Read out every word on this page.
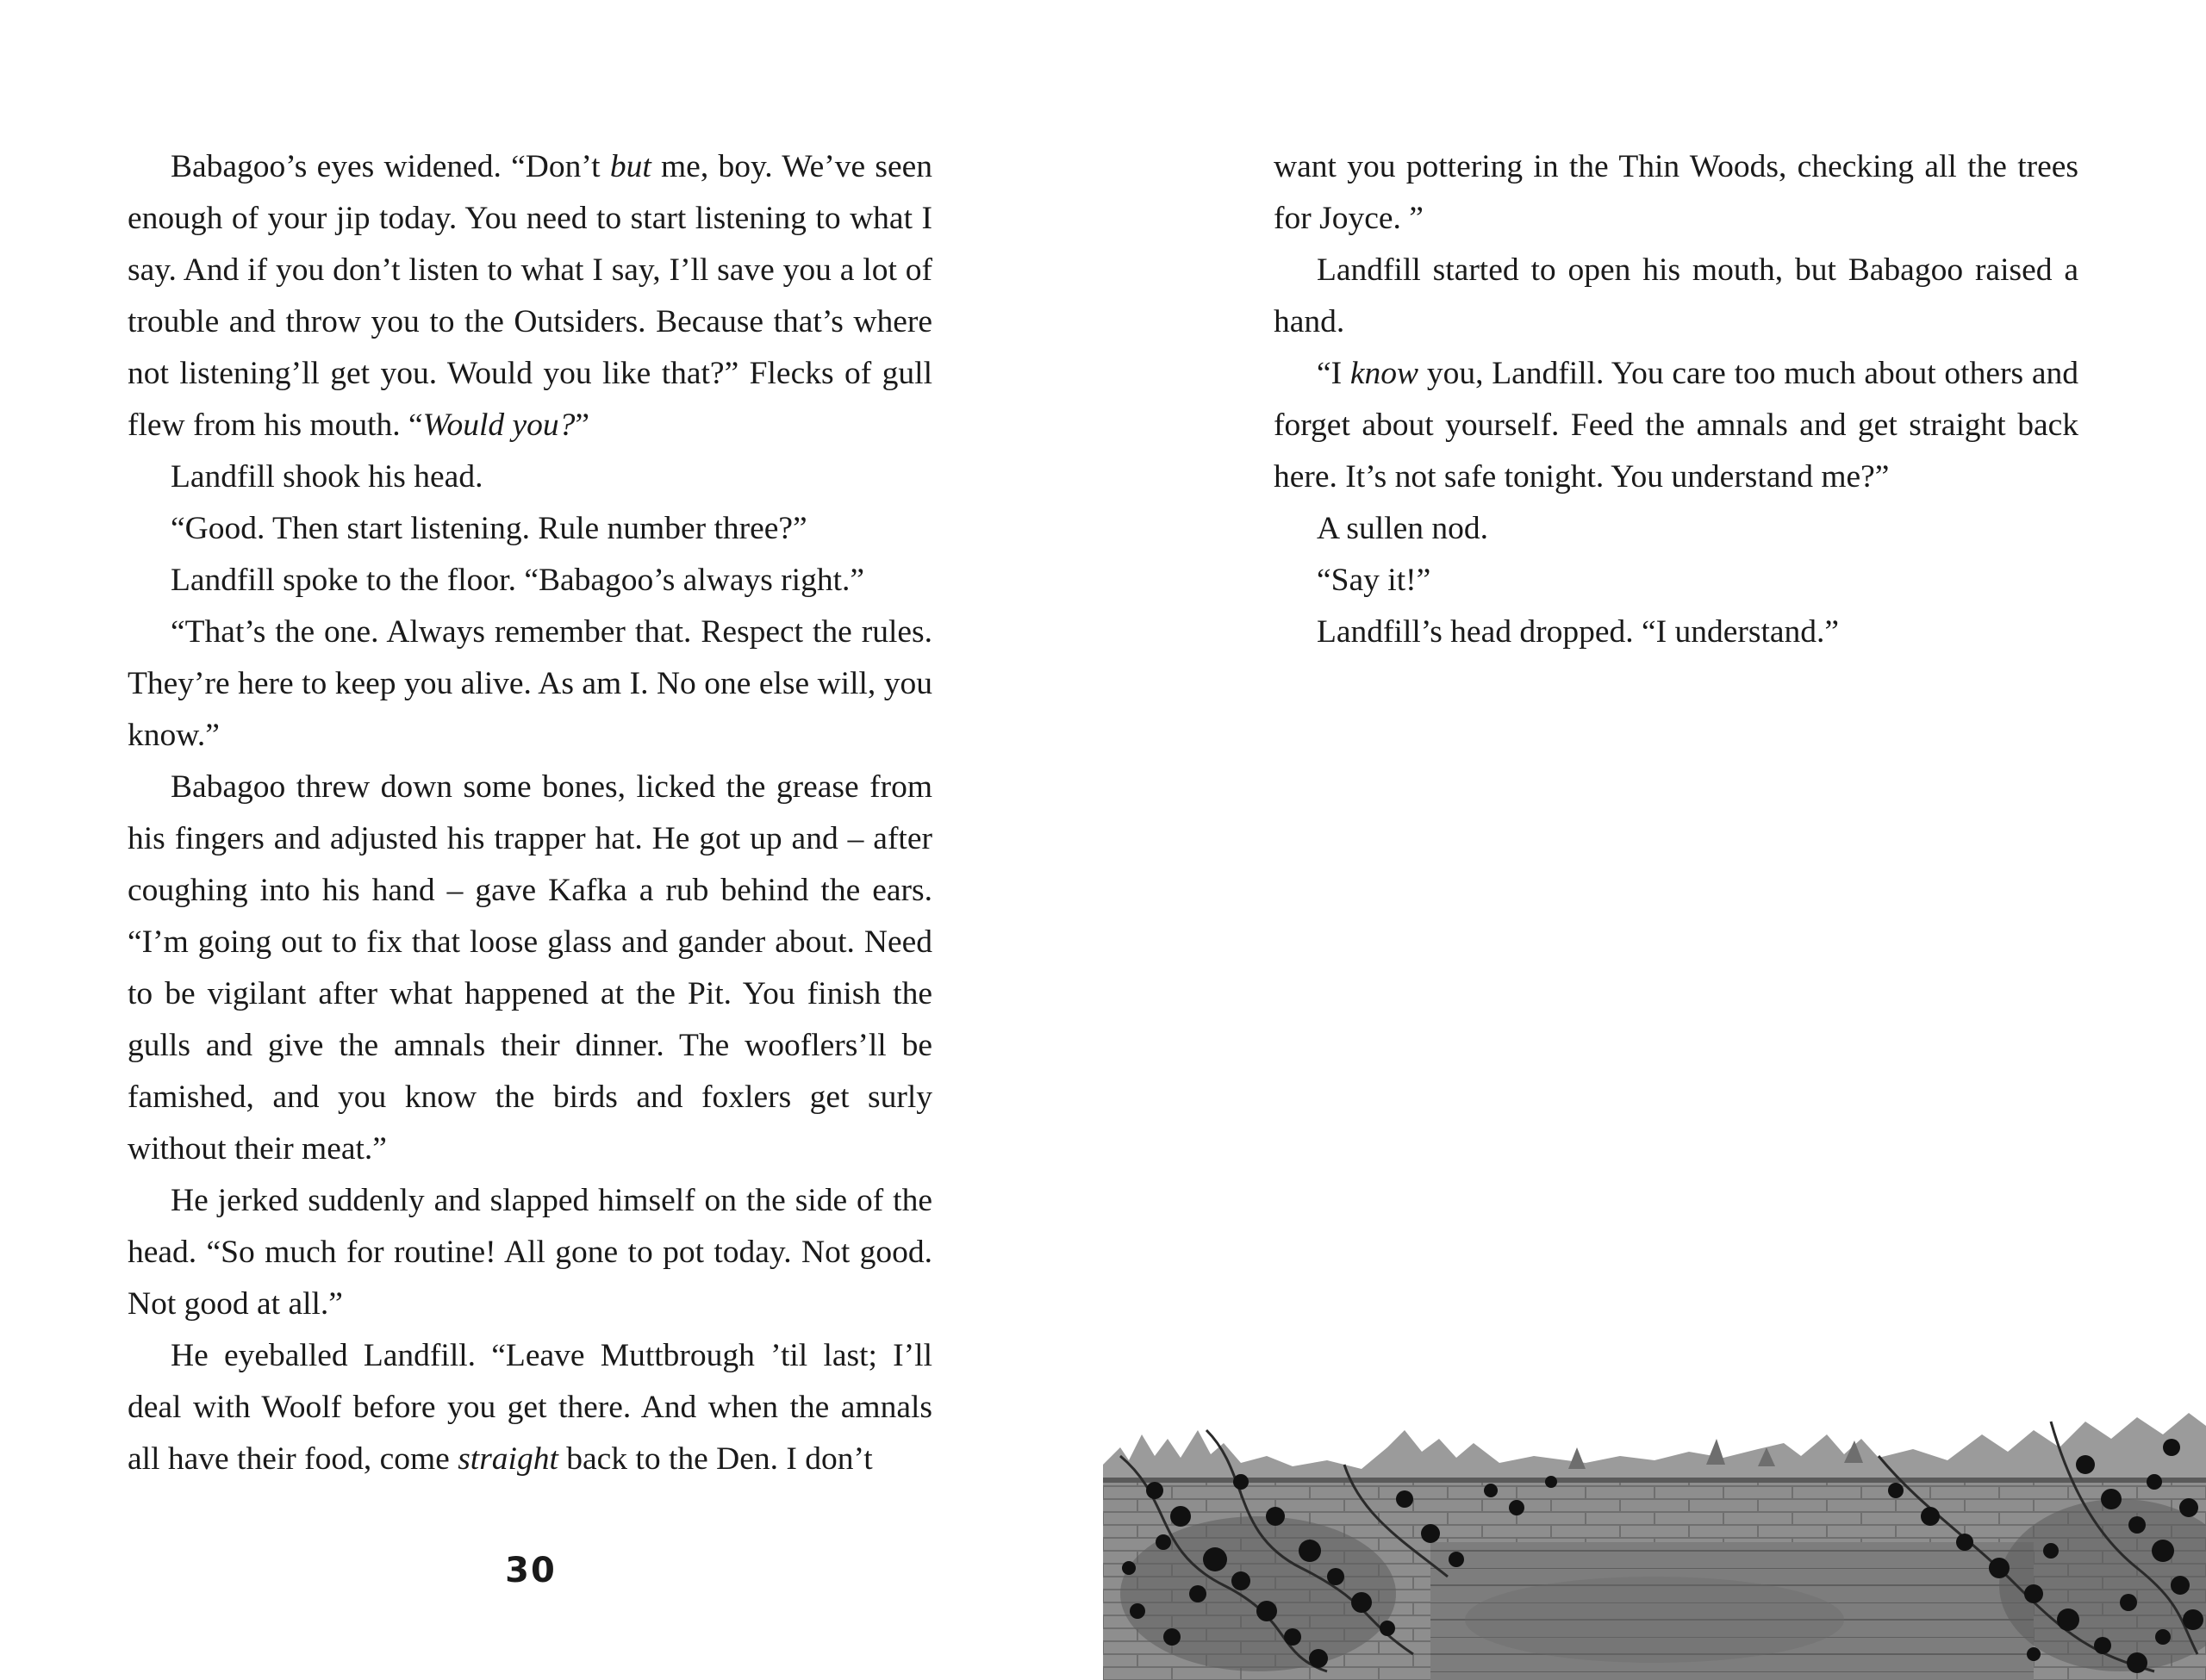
Babagoo’s eyes widened. “Don’t but me, boy. We’ve seen enough of your jip today. You need to start listening to what I say. And if you don’t listen to what I say, I’ll save you a lot of trouble and throw you to the Outsiders. Because that’s where not listening’ll get you. Would you like that?” Flecks of gull flew from his mouth. “Would you?”

Landfill shook his head.

“Good. Then start listening. Rule number three?”

Landfill spoke to the floor. “Babagoo’s always right.”

“That’s the one. Always remember that. Respect the rules. They’re here to keep you alive. As am I. No one else will, you know.”

Babagoo threw down some bones, licked the grease from his fingers and adjusted his trapper hat. He got up and – after coughing into his hand – gave Kafka a rub behind the ears. “I’m going out to fix that loose glass and gander about. Need to be vigilant after what happened at the Pit. You finish the gulls and give the amnals their dinner. The wooflers’ll be famished, and you know the birds and foxlers get surly without their meat.”

He jerked suddenly and slapped himself on the side of the head. “So much for routine! All gone to pot today. Not good. Not good at all.”

He eyeballed Landfill. “Leave Muttbrough ’til last; I’ll deal with Woolf before you get there. And when the amnals all have their food, come straight back to the Den. I don’t

30

want you pottering in the Thin Woods, checking all the trees for Joyce. ”

Landfill started to open his mouth, but Babagoo raised a hand.

“I know you, Landfill. You care too much about others and forget about yourself. Feed the amnals and get straight back here. It’s not safe tonight. You understand me?”

A sullen nod.

“Say it!”

Landfill’s head dropped. “I understand.”
